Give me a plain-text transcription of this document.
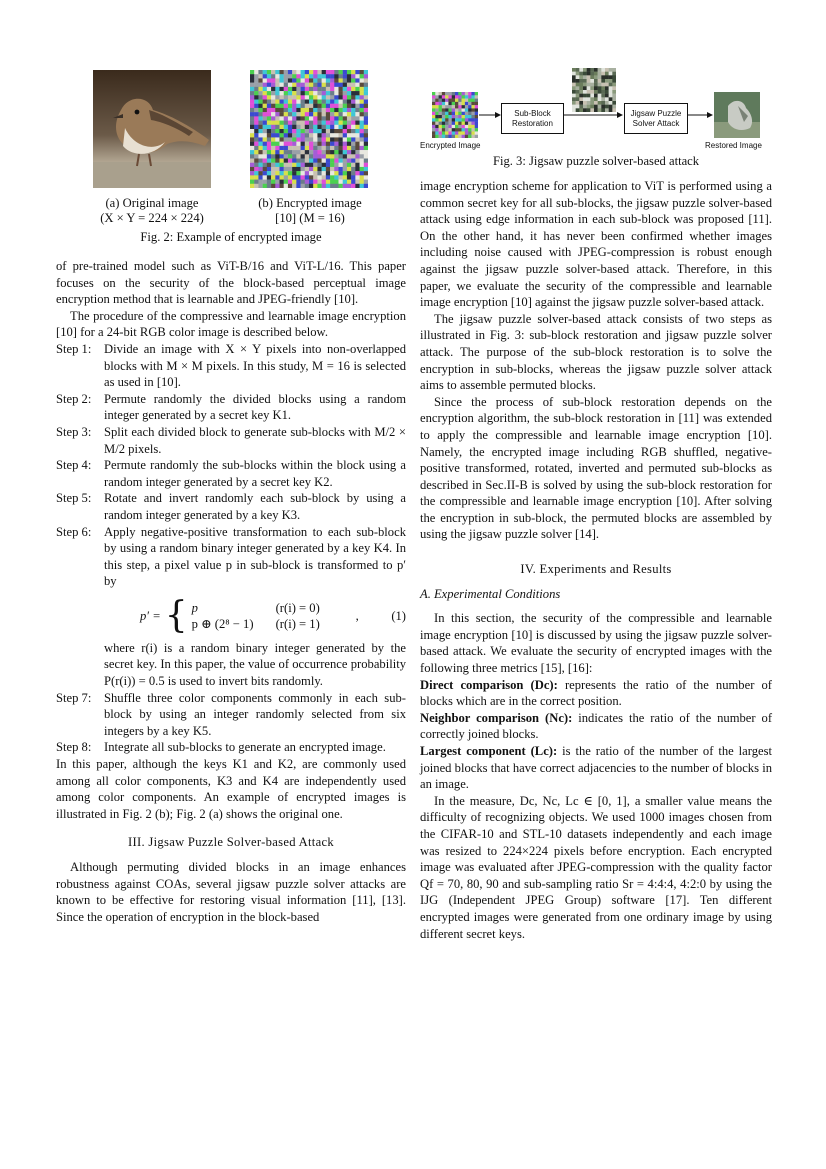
(a) Original image
(X × Y = 224 × 224)
(b) Encrypted image
[10] (M = 16)
Fig. 2: Example of encrypted image
Sub-Block Restoration
Jigsaw Puzzle Solver Attack
Encrypted Image	Restored Image
Fig. 3: Jigsaw puzzle solver-based attack

of pre-trained model such as ViT-B/16 and ViT-L/16. This paper focuses on the security of the block-based perceptual image encryption method that is learnable and JPEG-friendly [10].

The procedure of the compressive and learnable image encryption [10] for a 24-bit RGB color image is described below.

Step 1:	Divide an image with X × Y pixels into non-overlapped blocks with M × M pixels. In this study, M = 16 is selected as used in [10].
Step 2:	Permute randomly the divided blocks using a random integer generated by a secret key K1.
Step 3:	Split each divided block to generate sub-blocks with M/2 × M/2 pixels.
Step 4:	Permute randomly the sub-blocks within the block using a random integer generated by a secret key K2.
Step 5:	Rotate and invert randomly each sub-block by using a random integer generated by a key K3.
Step 6:	Apply negative-positive transformation to each sub-block by using a random binary integer generated by a key K4. In this step, a pixel value p in sub-block is transformed to p′ by
p′ = { p	(r(i) = 0)
p ⊕ (2⁸ − 1)	(r(i) = 1)
,	(1)
where r(i) is a random binary integer generated by the secret key. In this paper, the value of occurrence probability P(r(i)) = 0.5 is used to invert bits randomly.
Step 7:	Shuffle three color components commonly in each sub-block by using an integer randomly selected from six integers by a key K5.
Step 8:	Integrate all sub-blocks to generate an encrypted image.

In this paper, although the keys K1 and K2, are commonly used among all color components, K3 and K4 are independently used among color components. An example of encrypted images is illustrated in Fig. 2 (b); Fig. 2 (a) shows the original one.

III. Jigsaw Puzzle Solver-based Attack

Although permuting divided blocks in an image enhances robustness against COAs, several jigsaw puzzle solver attacks are known to be effective for restoring visual information [11], [13]. Since the operation of encryption in the block-based

image encryption scheme for application to ViT is performed using a common secret key for all sub-blocks, the jigsaw puzzle solver-based attack using edge information in each sub-block was proposed [11]. On the other hand, it has never been confirmed whether images including noise caused with JPEG-compression is robust enough against the jigsaw puzzle solver-based attack. Therefore, in this paper, we evaluate the security of the compressible and learnable image encryption [10] against the jigsaw puzzle solver-based attack.

The jigsaw puzzle solver-based attack consists of two steps as illustrated in Fig. 3: sub-block restoration and jigsaw puzzle solver attack. The purpose of the sub-block restoration is to solve the encryption in sub-blocks, whereas the jigsaw puzzle solver attack aims to assemble permuted blocks.

Since the process of sub-block restoration depends on the encryption algorithm, the sub-block restoration in [11] was extended to apply the compressible and learnable image encryption [10]. Namely, the encrypted image including RGB shuffled, negative-positive transformed, rotated, inverted and permuted sub-blocks as described in Sec.II-B is solved by using the sub-block restoration for the compressible and learnable image encryption [10]. After solving the encryption in sub-block, the permuted blocks are assembled by using the jigsaw puzzle solver [14].

IV. Experiments and Results
A. Experimental Conditions

In this section, the security of the compressible and learnable image encryption [10] is discussed by using the jigsaw puzzle solver-based attack. We evaluate the security of encrypted images with the following three metrics [15], [16]:

Direct comparison (Dc): represents the ratio of the number of blocks which are in the correct position.

Neighbor comparison (Nc): indicates the ratio of the number of correctly joined blocks.

Largest component (Lc): is the ratio of the number of the largest joined blocks that have correct adjacencies to the number of blocks in an image.

In the measure, Dc, Nc, Lc ∈ [0, 1], a smaller value means the difficulty of recognizing objects. We used 1000 images chosen from the CIFAR-10 and STL-10 datasets independently and each image was resized to 224×224 pixels before encryption. Each encrypted image was evaluated after JPEG-compression with the quality factor Qf = 70, 80, 90 and sub-sampling ratio Sr = 4:4:4, 4:2:0 by using the IJG (Independent JPEG Group) software [17]. Ten different encrypted images were generated from one ordinary image by using different secret keys.
